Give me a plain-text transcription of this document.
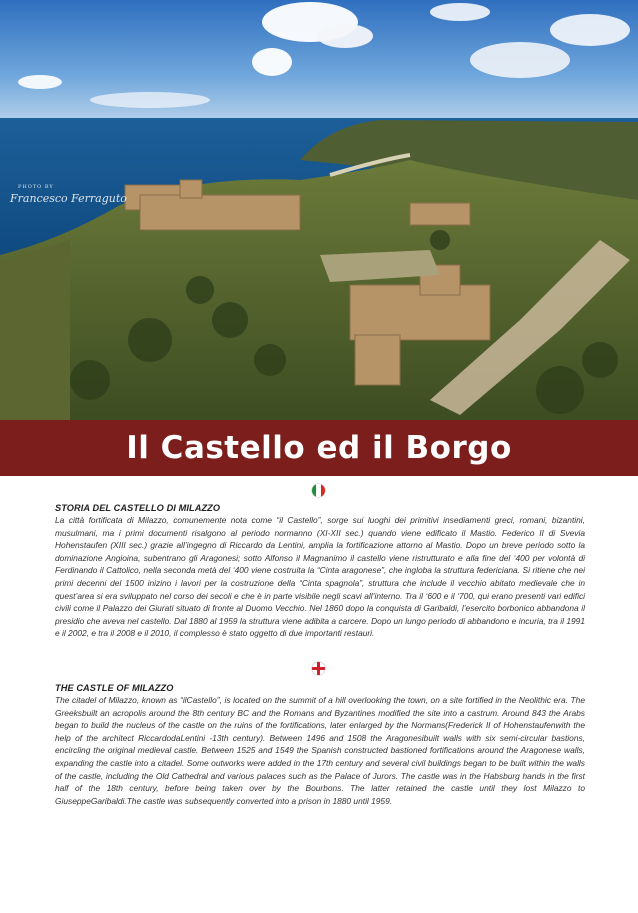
PHOTO BY
Francesco Ferraguto
Il Castello ed il Borgo
STORIA DEL CASTELLO DI MILAZZO

La città fortificata di Milazzo, comunemente nota come “il Castello”, sorge sui luoghi dei primitivi insediamenti greci, romani, bizantini, musulmani, ma i primi documenti risalgono al periodo normanno (XI-XII sec.) quando viene edificato il Mastio. Federico II di Svevia Hohenstaufen (XIII sec.) grazie all’ingegno di Riccardo da Lentini, amplia la fortificazione attorno al Mastio. Dopo un breve periodo sotto la dominazione Angioina, subentrano gli Aragonesi; sotto Alfonso il Magnanimo il castello viene ristrutturato e alla fine del ‘400 per volontà di Ferdinando il Cattolico, nella seconda metà del ‘400 viene costruita la “Cinta aragonese”, che ingloba la struttura federiciana. Si ritiene che nei primi decenni del 1500 inizino i lavori per la costruzione della “Cinta spagnola”, struttura che include il vecchio abitato medievale che in quest’area si era sviluppato nel corso dei secoli e che è in parte visibile negli scavi all’interno. Tra il ‘600 e il ‘700, qui erano presenti vari edifici civili come il Palazzo dei Giurati situato di fronte al Duomo Vecchio. Nel 1860 dopo la conquista di Garibaldi, l’esercito borbonico abbandona il presidio che aveva nel castello. Dal 1880 al 1959 la struttura viene adibita a carcere. Dopo un lungo periodo di abbandono e incuria, tra il 1991 e il 2002, e tra il 2008 e il 2010, il complesso è stato oggetto di due importanti restauri.

THE CASTLE OF MILAZZO

The citadel of Milazzo, known as “ilCastello”, is located on the summit of a hill overlooking the town, on a site fortified in the Neolithic era. The Greeksbuilt an acropolis around the 8th century BC and the Romans and Byzantines modified the site into a castrum. Around 843 the Arabs began to build the nucleus of the castle on the ruins of the fortifications, later enlarged by the Normans(Frederick II of Hohenstaufenwith the help of the architect RiccardodaLentini -13th century). Between 1496 and 1508 the Aragonesibuilt walls with six semi-circular bastions, encircling the original medieval castle. Between 1525 and 1549 the Spanish constructed bastioned fortifications around the Aragonese walls, expanding the castle into a citadel. Some outworks were added in the 17th century and several civil buildings began to be built within the walls of the castle, including the Old Cathedral and various palaces such as the Palace of Jurors. The castle was in the Habsburg hands in the first half of the 18th century, before being taken over by the Bourbons. The latter retained the castle until they lost Milazzo to GiuseppeGaribaldi.The castle was subsequently converted into a prison in 1880 until 1959.
